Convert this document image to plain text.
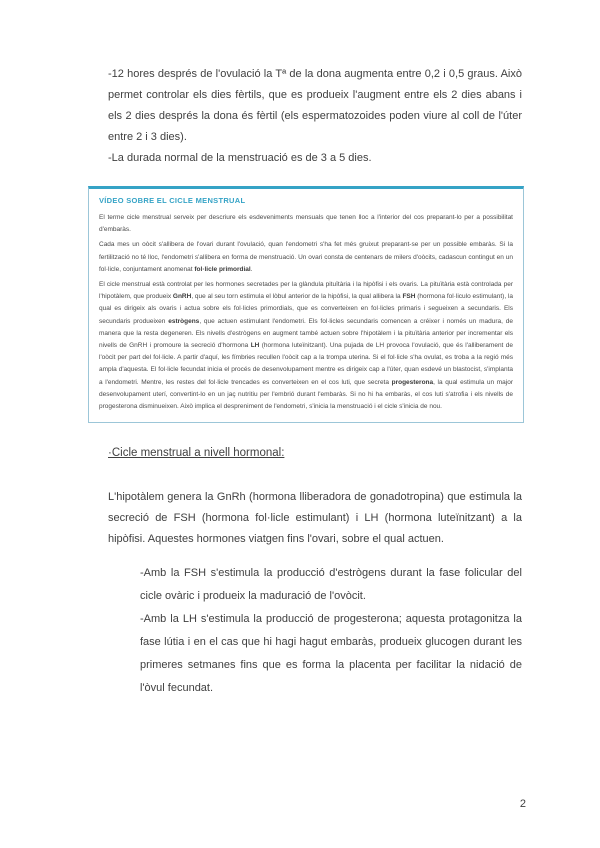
-12 hores després de l'ovulació la Tª de la dona augmenta entre 0,2 i 0,5 graus. Això permet controlar els dies fèrtils, que es produeix l'augment entre els 2 dies abans i els 2 dies després la dona és fèrtil (els espermatozoides poden viure al coll de l'úter entre 2 i 3 dies).

-La durada normal de la menstruació es de 3 a 5 dies.

VÍDEO SOBRE EL CICLE MENSTRUAL

El terme cicle menstrual serveix per descriure els esdeveniments mensuals que tenen lloc a l'interior del cos preparant-lo per a possibilitat d'embaràs.

Cada mes un oòcit s'allibera de l'ovari durant l'ovulació, quan l'endometri s'ha fet més gruixut preparant-se per un possible embaràs. Si la fertilització no té lloc, l'endometri s'allibera en forma de menstruació. Un ovari consta de centenars de milers d'oòcits, cadascun contingut en un fol·licle, conjuntament anomenat fol·licle primordial.

El cicle menstrual està controlat per les hormones secretades per la glàndula pituïtària i la hipòfisi i els ovaris. La pituïtària està controlada per l'hipotàlem, que produeix GnRH, que al seu torn estimula el lòbul anterior de la hipòfisi, la qual allibera la FSH (hormona fol·liculo estimulant), la qual es dirigeix als ovaris i actua sobre els fol·licles primordials, que es converteixen en fol·licles primaris i segueixen a secundaris. Els secundaris produeixen estrògens, que actuen estimulant l'endometri. Els fol·licles secundaris comencen a créixer i només un madura, de manera que la resta degeneren. Els nivells d'estrògens en augment també actuen sobre l'hipotàlem i la pituïtària anterior per incrementar els nivells de GnRH i promoure la secreció d'hormona LH (hormona luteïnitzant). Una pujada de LH provoca l'ovulació, que és l'alliberament de l'oòcit per part del fol·licle. A partir d'aquí, les fímbries recullen l'oòcit cap a la trompa uterina. Si el fol·licle s'ha ovulat, es troba a la regió més ampla d'aquesta. El fol·licle fecundat inicia el procés de desenvolupament mentre es dirigeix cap a l'úter, quan esdevé un blastocist, s'implanta a l'endometri. Mentre, les restes del fol·licle trencades es converteixen en el cos luti, que secreta progesterona, la qual estimula un major desenvolupament uterí, convertint-lo en un jaç nutritiu per l'embrió durant l'embaràs. Si no hi ha embaràs, el cos luti s'atrofia i els nivells de progesterona disminueixen. Això implica el despreniment de l'endometri, s'inicia la menstruació i el cicle s'inicia de nou.

·Cicle menstrual a nivell hormonal:

L'hipotàlem genera la GnRh (hormona lliberadora de gonadotropina) que estimula la secreció de FSH (hormona fol·licle estimulant) i LH (hormona luteïnitzant) a la hipòfisi. Aquestes hormones viatgen fins l'ovari, sobre el qual actuen.

-Amb la FSH s'estimula la producció d'estrògens durant la fase folicular del cicle ovàric i produeix la maduració de l'ovòcit.

-Amb la LH s'estimula la producció de progesterona; aquesta protagonitza la fase lútia i en el cas que hi hagi hagut embaràs, produeix glucogen durant les primeres setmanes fins que es forma la placenta per facilitar la nidació de l'òvul fecundat.

2
